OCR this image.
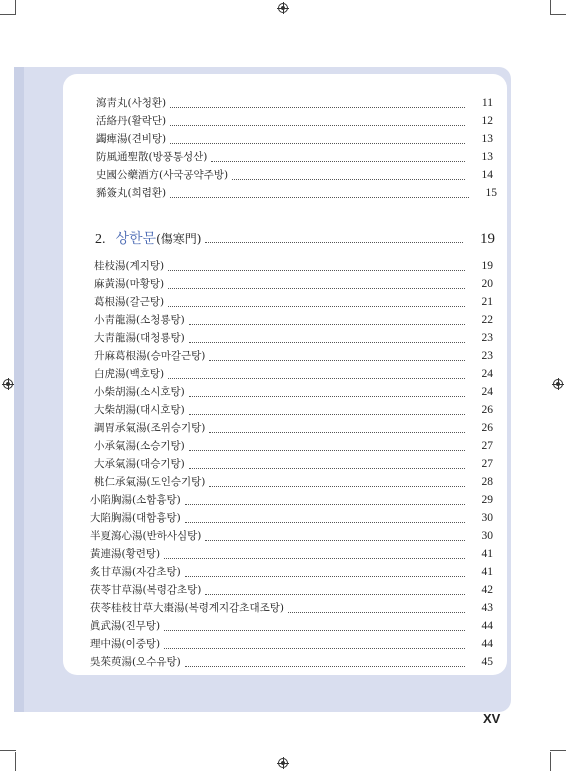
瀉靑丸(사청환)	11
活絡丹(활락단)	12
蠲痺湯(견비탕)	13
防風通聖散(방풍통성산)	13
史國公藥酒方(사국공약주방)	14
豨簽丸(희렴환)	15
2. 상한문 (傷寒門)	19
桂枝湯(계지탕)	19
麻黃湯(마황탕)	20
葛根湯(갈근탕)	21
小靑龍湯(소청룡탕)	22
大靑龍湯(대청룡탕)	23
升麻葛根湯(승마갈근탕)	23
白虎湯(백호탕)	24
小柴胡湯(소시호탕)	24
大柴胡湯(대시호탕)	26
調胃承氣湯(조위승기탕)	26
小承氣湯(소승기탕)	27
大承氣湯(대승기탕)	27
桃仁承氣湯(도인승기탕)	28
小陷胸湯(소함흉탕)	29
大陷胸湯(대함흉탕)	30
半夏瀉心湯(반하사심탕)	30
黃連湯(황련탕)	41
炙甘草湯(자감초탕)	41
茯苓甘草湯(복령감초탕)	42
茯苓桂枝甘草大棗湯(복령계지감초대조탕)	43
眞武湯(진무탕)	44
理中湯(이중탕)	44
吳茱萸湯(오수유탕)	45
XV
